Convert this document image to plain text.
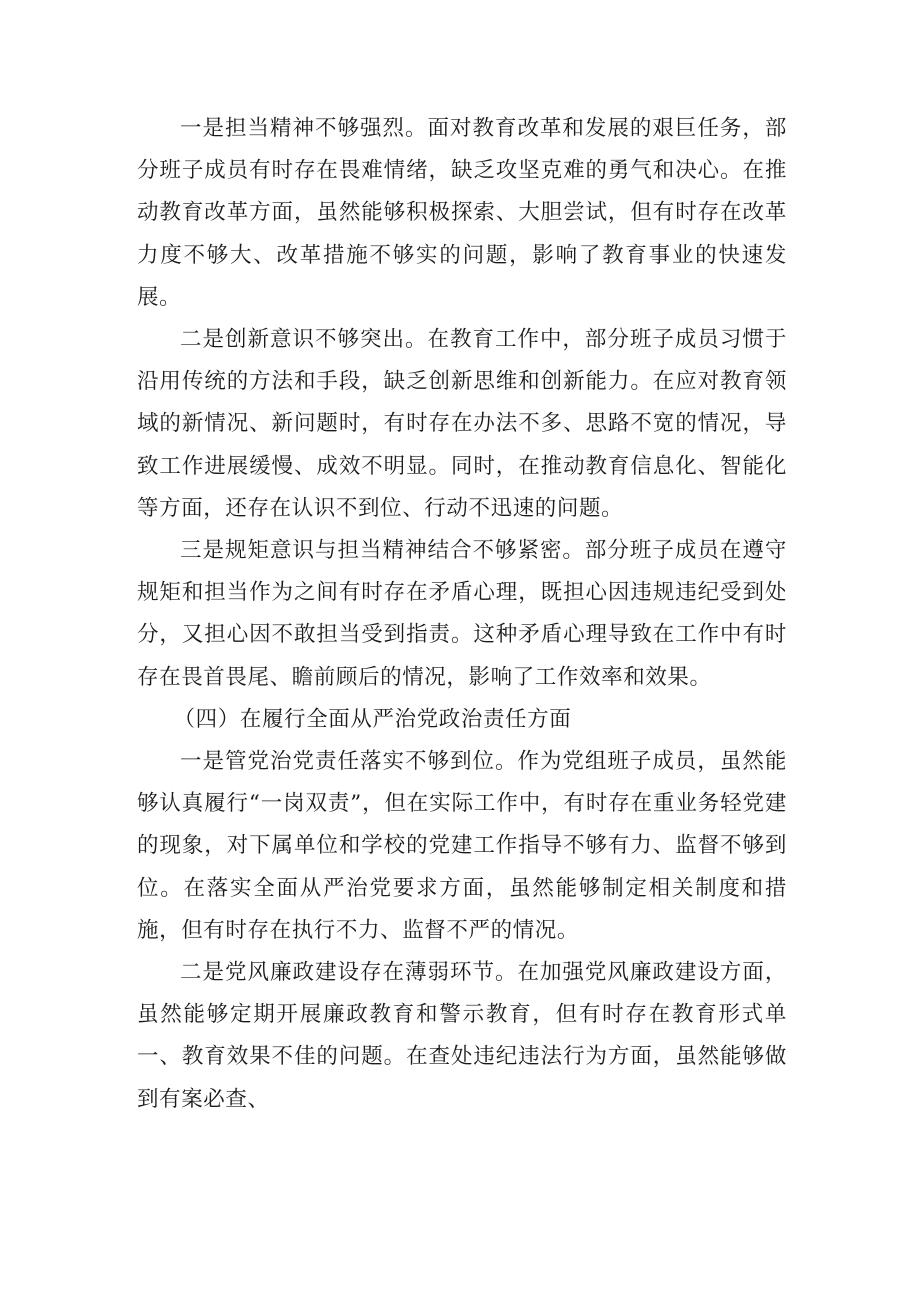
一是担当精神不够强烈。面对教育改革和发展的艰巨任务，部分班子成员有时存在畏难情绪，缺乏攻坚克难的勇气和决心。在推动教育改革方面，虽然能够积极探索、大胆尝试，但有时存在改革力度不够大、改革措施不够实的问题，影响了教育事业的快速发展。

二是创新意识不够突出。在教育工作中，部分班子成员习惯于沿用传统的方法和手段，缺乏创新思维和创新能力。在应对教育领域的新情况、新问题时，有时存在办法不多、思路不宽的情况，导致工作进展缓慢、成效不明显。同时，在推动教育信息化、智能化等方面，还存在认识不到位、行动不迅速的问题。

三是规矩意识与担当精神结合不够紧密。部分班子成员在遵守规矩和担当作为之间有时存在矛盾心理，既担心因违规违纪受到处分，又担心因不敢担当受到指责。这种矛盾心理导致在工作中有时存在畏首畏尾、瞻前顾后的情况，影响了工作效率和效果。

（四）在履行全面从严治党政治责任方面

一是管党治党责任落实不够到位。作为党组班子成员，虽然能够认真履行“一岗双责”，但在实际工作中，有时存在重业务轻党建的现象，对下属单位和学校的党建工作指导不够有力、监督不够到位。在落实全面从严治党要求方面，虽然能够制定相关制度和措施，但有时存在执行不力、监督不严的情况。

二是党风廉政建设存在薄弱环节。在加强党风廉政建设方面，虽然能够定期开展廉政教育和警示教育，但有时存在教育形式单一、教育效果不佳的问题。在查处违纪违法行为方面，虽然能够做到有案必查、
